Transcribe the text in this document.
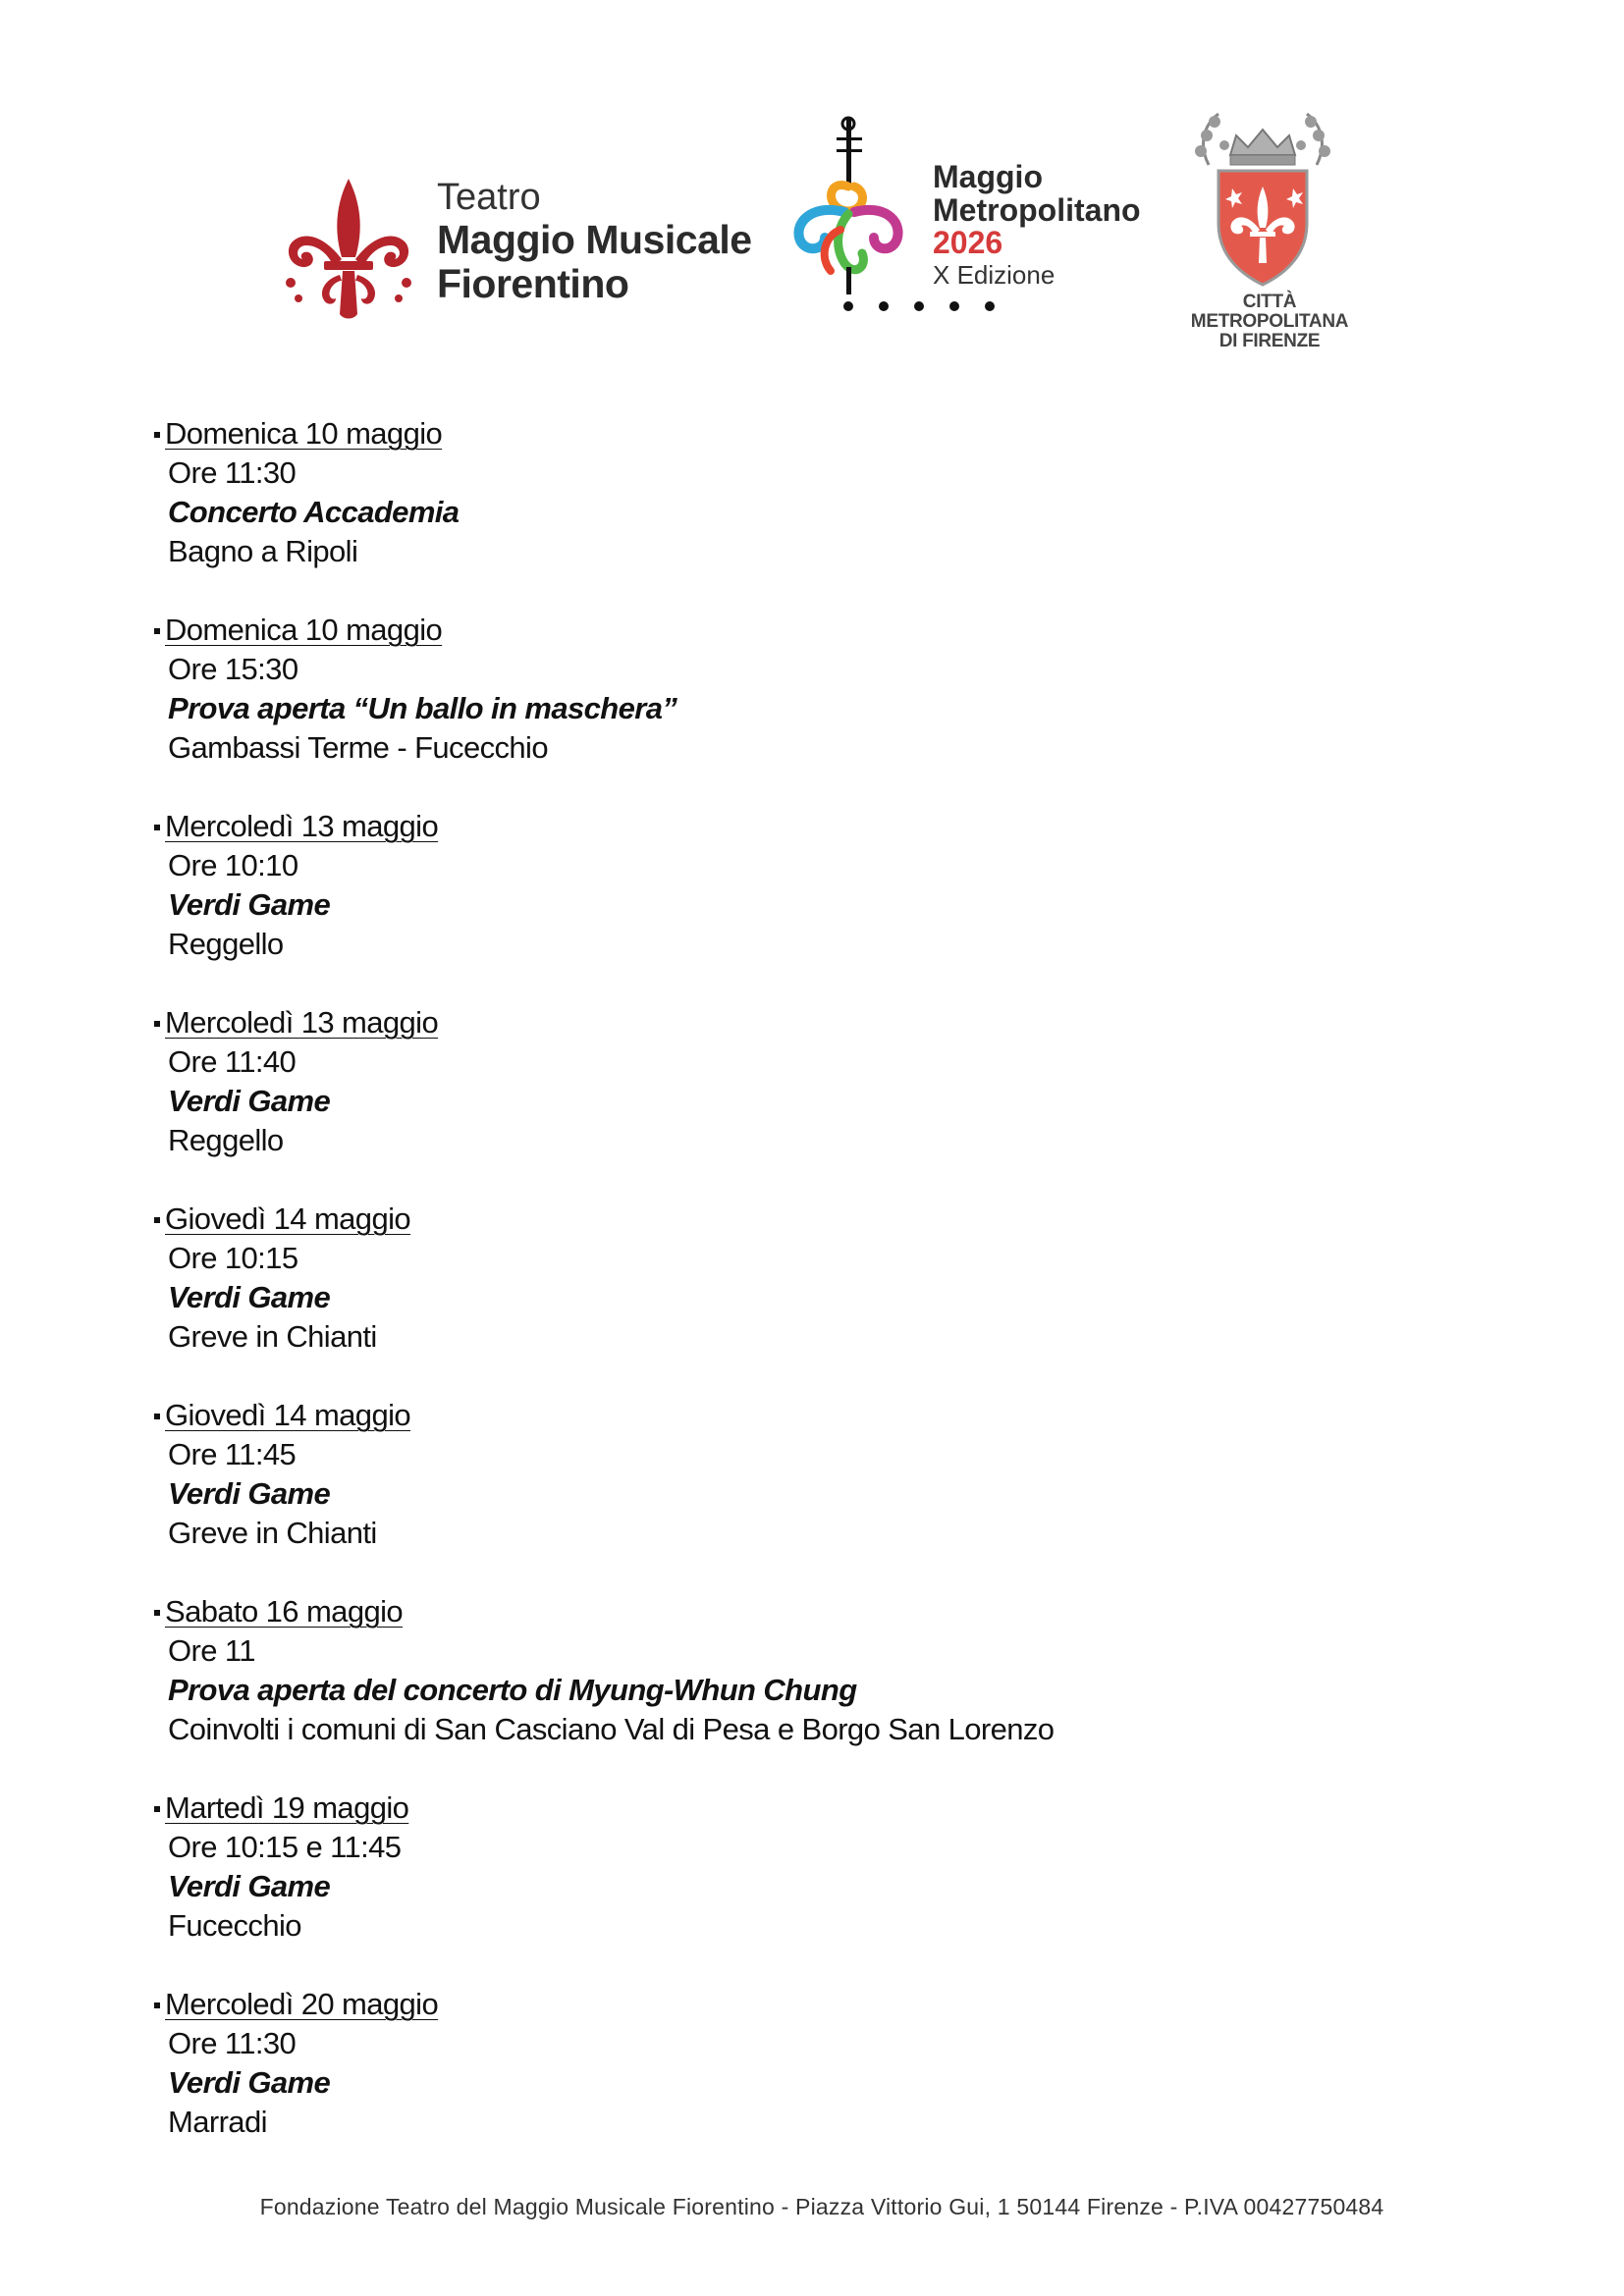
Teatro
Maggio Musicale
Fiorentino
Maggio
Metropolitano
2026
X Edizione
CITTÀ METROPOLITANA
DI FIRENZE
Domenica 10 maggio
Ore 11:30
Concerto Accademia
Bagno a Ripoli
Domenica 10 maggio
Ore 15:30
Prova aperta “Un ballo in maschera”
Gambassi Terme - Fucecchio
Mercoledì 13 maggio
Ore 10:10
Verdi Game
Reggello
Mercoledì 13 maggio
Ore 11:40
Verdi Game
Reggello
Giovedì 14 maggio
Ore 10:15
Verdi Game
Greve in Chianti
Giovedì 14 maggio
Ore 11:45
Verdi Game
Greve in Chianti
Sabato 16 maggio
Ore 11
Prova aperta del concerto di Myung-Whun Chung
Coinvolti i comuni di San Casciano Val di Pesa e Borgo San Lorenzo
Martedì 19 maggio
Ore 10:15 e 11:45
Verdi Game
Fucecchio
Mercoledì 20 maggio
Ore 11:30
Verdi Game
Marradi
Fondazione Teatro del Maggio Musicale Fiorentino - Piazza Vittorio Gui, 1 50144 Firenze - P.IVA 00427750484
